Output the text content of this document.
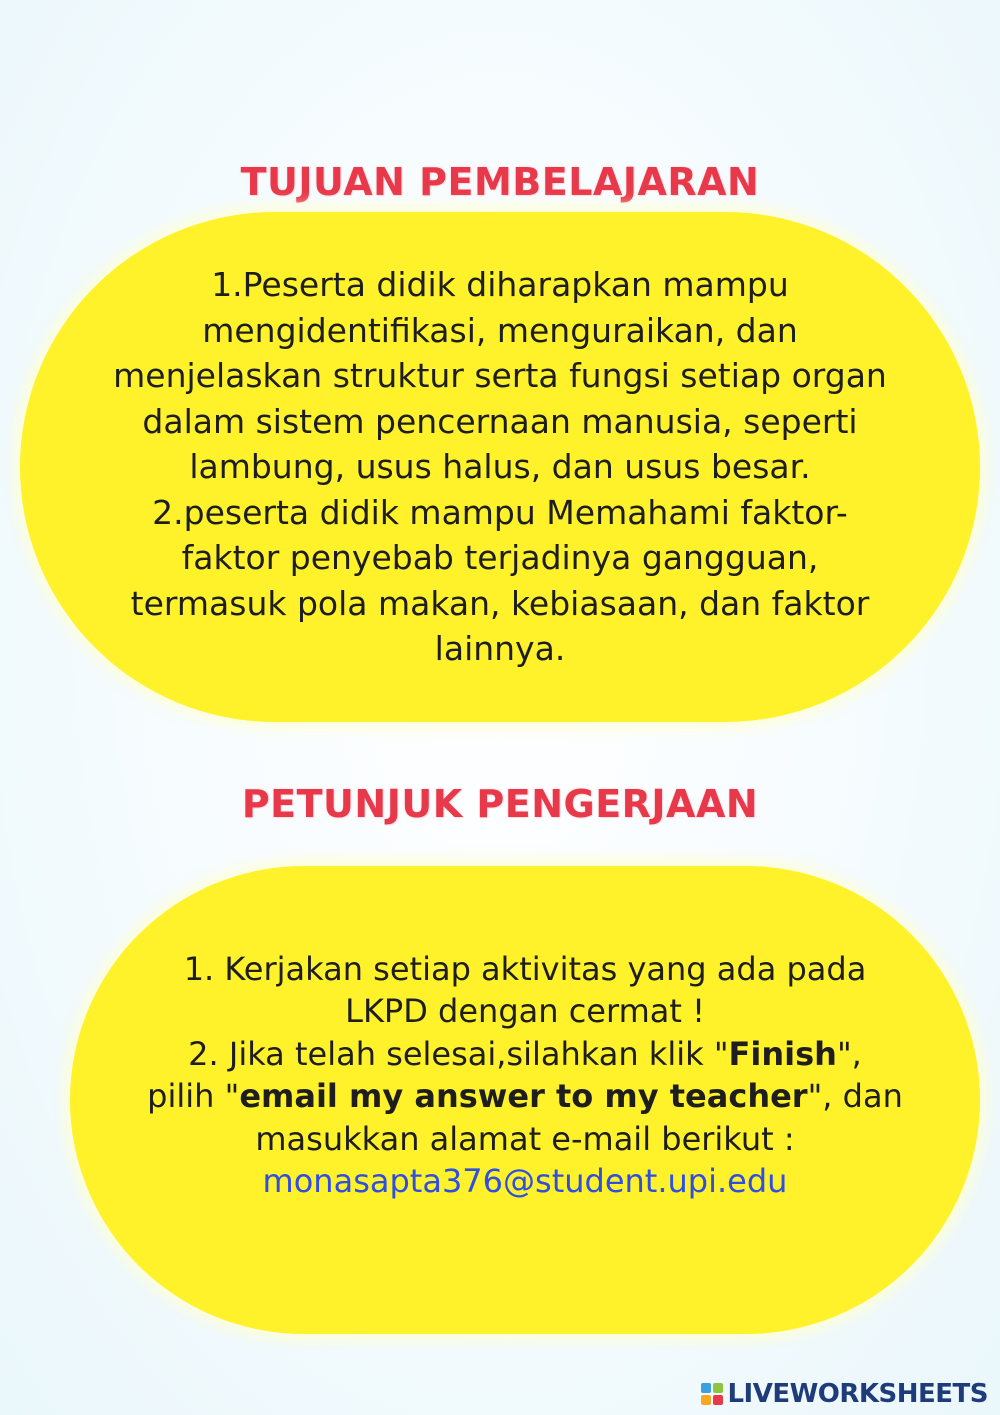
TUJUAN PEMBELAJARAN

1.Peserta didik diharapkan mampu

mengidentifikasi, menguraikan, dan

menjelaskan struktur serta fungsi setiap organ

dalam sistem pencernaan manusia, seperti

lambung, usus halus, dan usus besar.

2.peserta didik mampu Memahami faktor-

faktor penyebab terjadinya gangguan,

termasuk pola makan, kebiasaan, dan faktor

lainnya.

PETUNJUK PENGERJAAN

1. Kerjakan setiap aktivitas yang ada pada

LKPD dengan cermat !

2. Jika telah selesai,silahkan klik "Finish",

pilih "email my answer to my teacher", dan

masukkan alamat e-mail berikut :

monasapta376@student.upi.edu

LIVEWORKSHEETS
